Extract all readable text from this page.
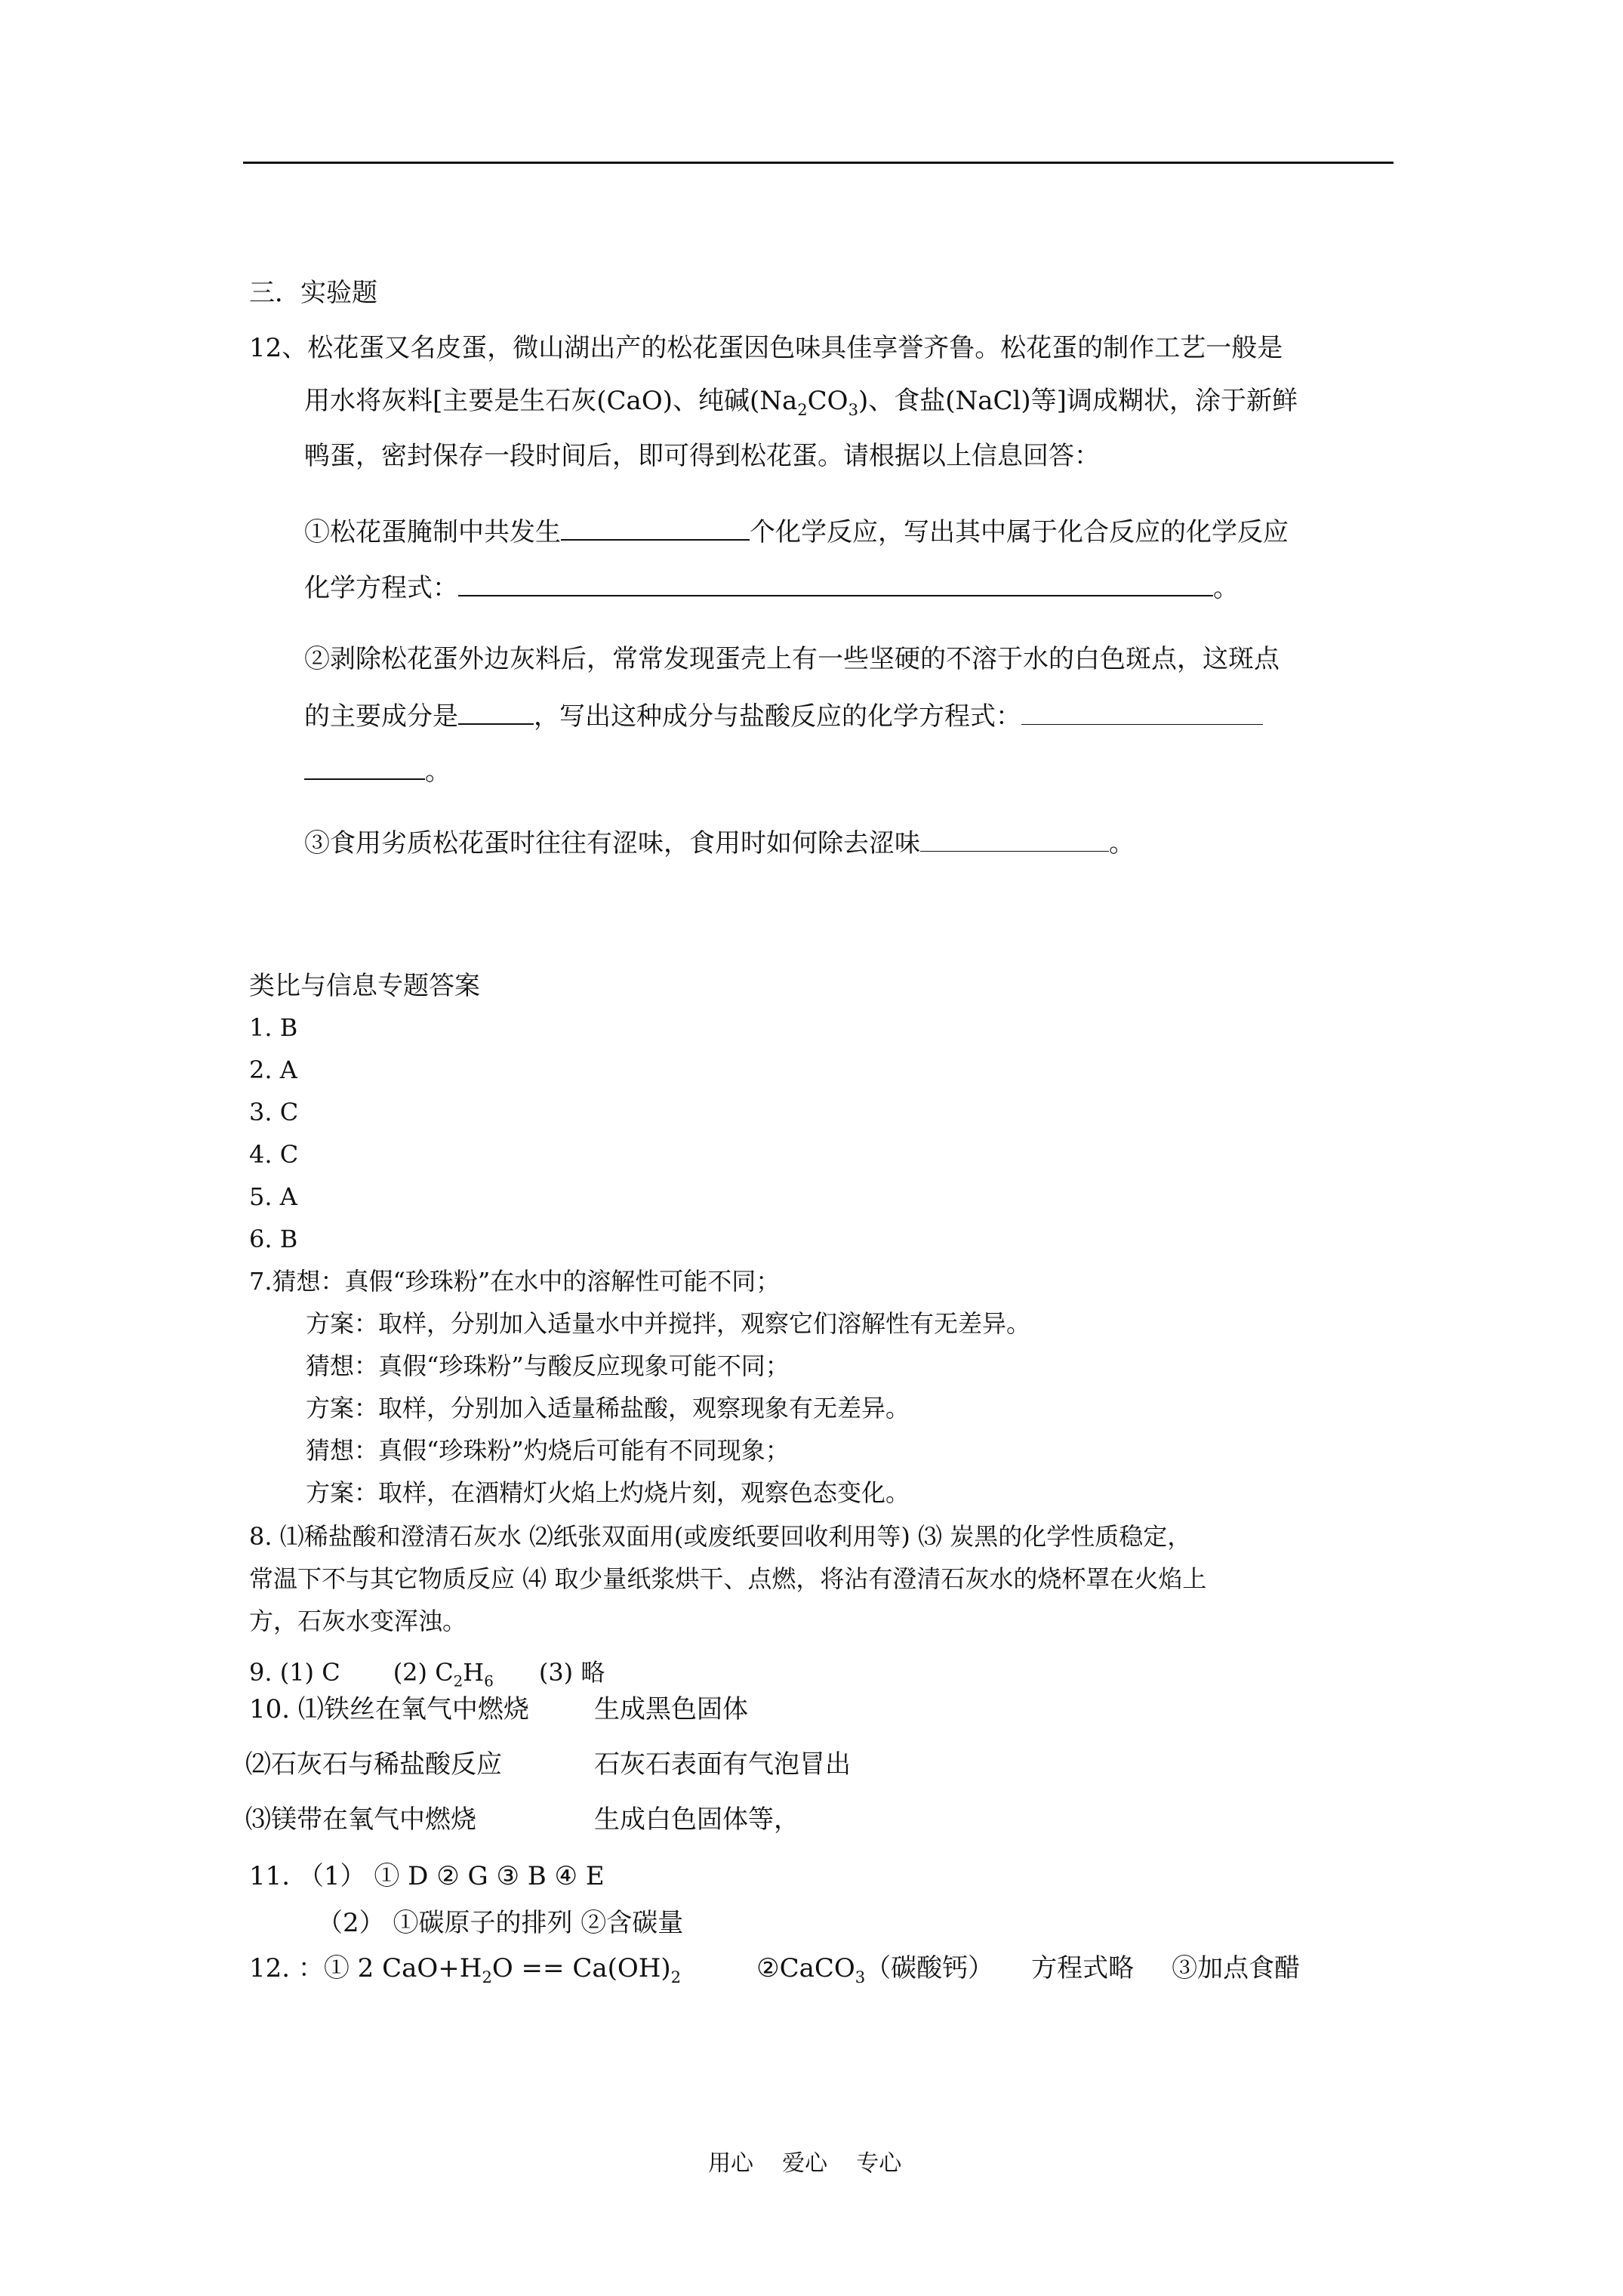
三．实验题
12、松花蛋又名皮蛋，微山湖出产的松花蛋因色味具佳享誉齐鲁。松花蛋的制作工艺一般是
用水将灰料[主要是生石灰(CaO)、纯碱$(Na_2CO_3)$、食盐(NaCl)等]调成糊状，涂于新鲜
鸭蛋，密封保存一段时间后，即可得到松花蛋。请根据以上信息回答：
①松花蛋腌制中共发生	个化学反应，写出其中属于化合反应的化学反应
化学方程式：	。
②剥除松花蛋外边灰料后，常常发现蛋壳上有一些坚硬的不溶于水的白色斑点，这斑点
的主要成分是	，写出这种成分与盐酸反应的化学方程式：
。
③食用劣质松花蛋时往往有涩味，食用时如何除去涩味	。
类比与信息专题答案
1. B
2. A
3. C
4. C
5. A
6. B
7.猜想：真假“珍珠粉”在水中的溶解性可能不同；
方案：取样，分别加入适量水中并搅拌，观察它们溶解性有无差异。
猜想：真假“珍珠粉”与酸反应现象可能不同；
方案：取样，分别加入适量稀盐酸，观察现象有无差异。
猜想：真假“珍珠粉”灼烧后可能有不同现象；
方案：取样，在酒精灯火焰上灼烧片刻，观察色态变化。
8. ⑴稀盐酸和澄清石灰水 ⑵纸张双面用(或废纸要回收利用等) ⑶ 炭黑的化学性质稳定，
常温下不与其它物质反应 ⑷ 取少量纸浆烘干、点燃，将沾有澄清石灰水的烧杯罩在火焰上
方，石灰水变浑浊。
9. (1) C (2) $C_2H_6$ (3) 略
10. ⑴铁丝在氧气中燃烧	生成黑色固体
⑵石灰石与稀盐酸反应	石灰石表面有气泡冒出
⑶镁带在氧气中燃烧	生成白色固体等，
11. （1） ① D ② G ③ B ④ E
（2） ①碳原子的排列 ②含碳量
12. ：① 2 $CaO+H_2O == Ca(OH)_2$	②CaCO$_3$（碳酸钙） 方程式略 ③加点食醋
用心    爱心    专心
